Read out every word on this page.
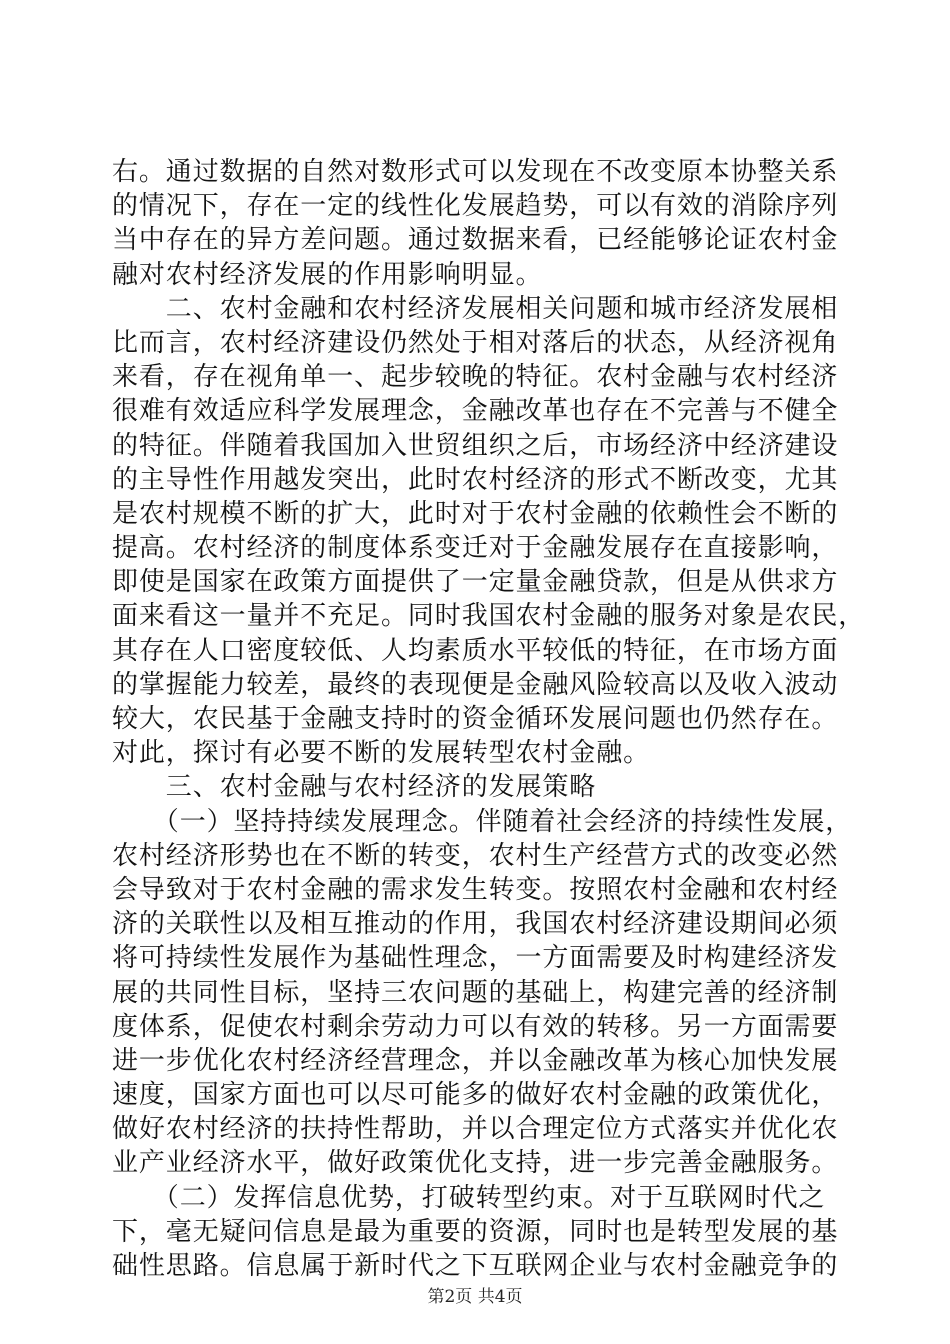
右。通过数据的自然对数形式可以发现在不改变原本协整关系
的情况下，存在一定的线性化发展趋势，可以有效的消除序列
当中存在的异方差问题。通过数据来看，已经能够论证农村金
融对农村经济发展的作用影响明显。
　　二、农村金融和农村经济发展相关问题和城市经济发展相
比而言，农村经济建设仍然处于相对落后的状态，从经济视角
来看，存在视角单一、起步较晚的特征。农村金融与农村经济
很难有效适应科学发展理念，金融改革也存在不完善与不健全
的特征。伴随着我国加入世贸组织之后，市场经济中经济建设
的主导性作用越发突出，此时农村经济的形式不断改变，尤其
是农村规模不断的扩大，此时对于农村金融的依赖性会不断的
提高。农村经济的制度体系变迁对于金融发展存在直接影响，
即使是国家在政策方面提供了一定量金融贷款，但是从供求方
面来看这一量并不充足。同时我国农村金融的服务对象是农民，
其存在人口密度较低、人均素质水平较低的特征，在市场方面
的掌握能力较差，最终的表现便是金融风险较高以及收入波动
较大，农民基于金融支持时的资金循环发展问题也仍然存在。
对此，探讨有必要不断的发展转型农村金融。
　　三、农村金融与农村经济的发展策略
　　（一）坚持持续发展理念。伴随着社会经济的持续性发展，
农村经济形势也在不断的转变，农村生产经营方式的改变必然
会导致对于农村金融的需求发生转变。按照农村金融和农村经
济的关联性以及相互推动的作用，我国农村经济建设期间必须
将可持续性发展作为基础性理念，一方面需要及时构建经济发
展的共同性目标，坚持三农问题的基础上，构建完善的经济制
度体系，促使农村剩余劳动力可以有效的转移。另一方面需要
进一步优化农村经济经营理念，并以金融改革为核心加快发展
速度，国家方面也可以尽可能多的做好农村金融的政策优化，
做好农村经济的扶持性帮助，并以合理定位方式落实并优化农
业产业经济水平，做好政策优化支持，进一步完善金融服务。
　　（二）发挥信息优势，打破转型约束。对于互联网时代之
下，毫无疑问信息是最为重要的资源，同时也是转型发展的基
础性思路。信息属于新时代之下互联网企业与农村金融竞争的
第2页 共4页
